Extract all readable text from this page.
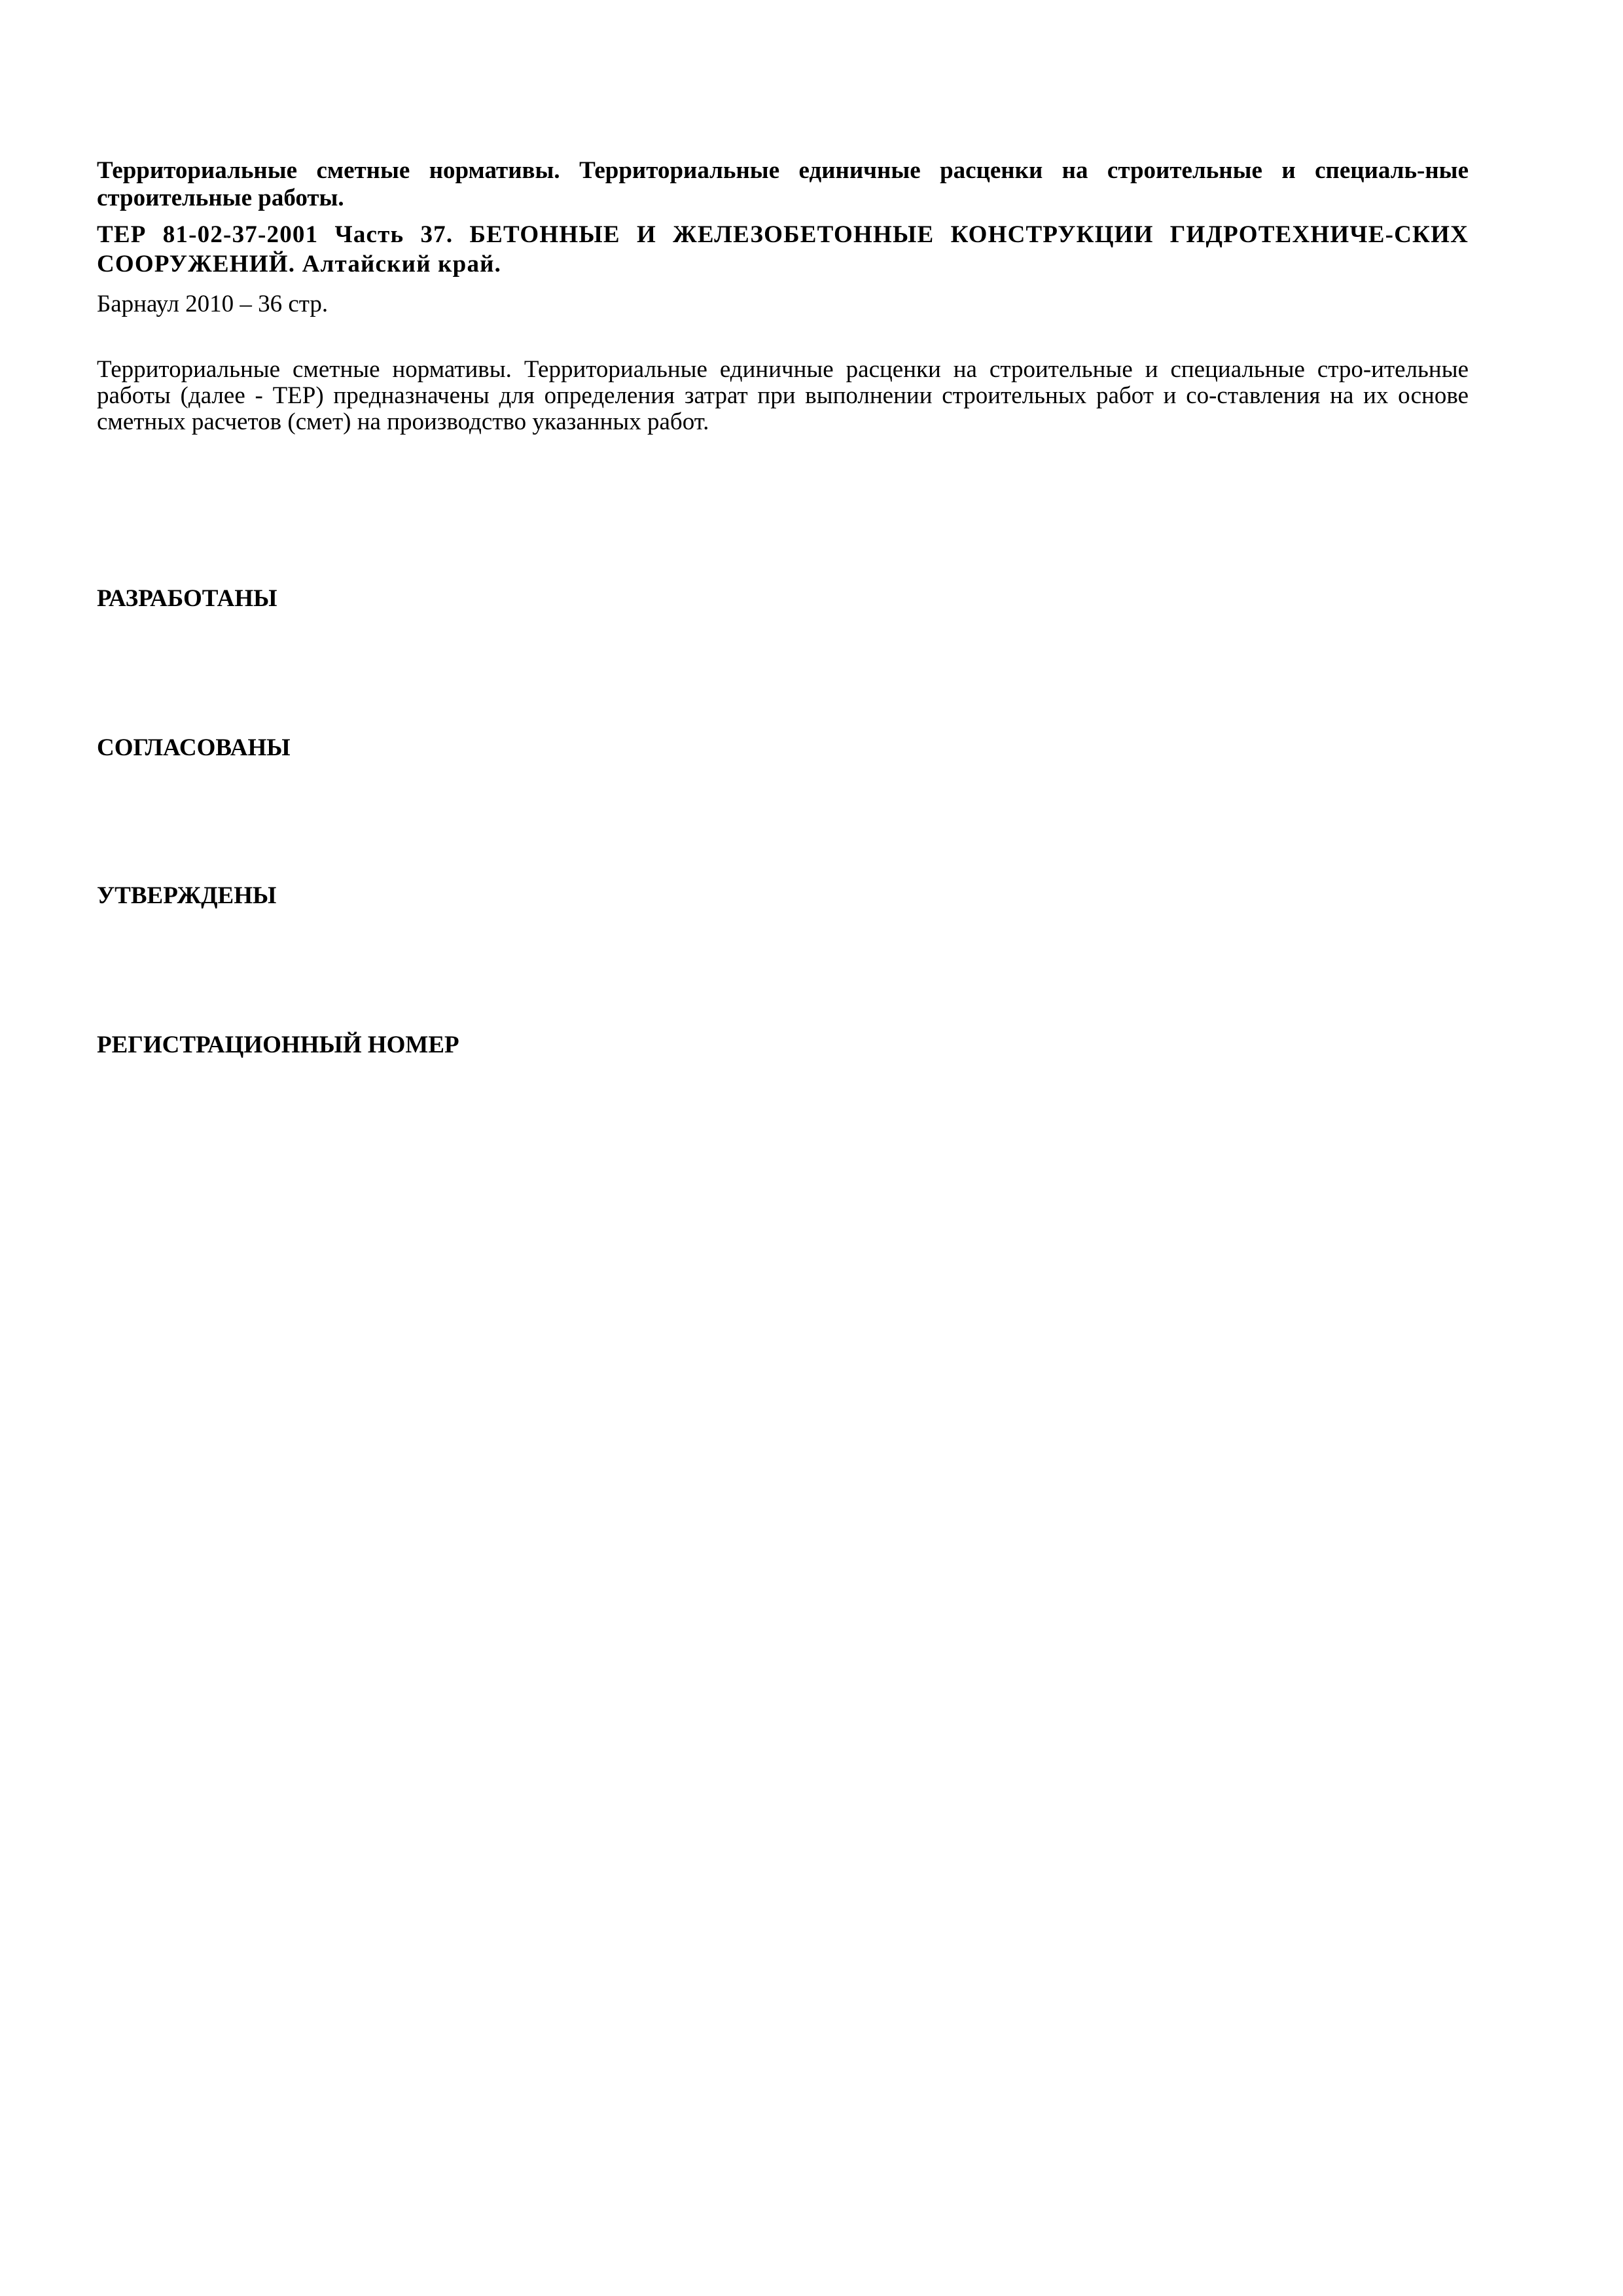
Территориальные сметные нормативы. Территориальные единичные расценки на строительные и специаль-ные строительные работы.

ТЕР 81-02-37-2001 Часть 37. БЕТОННЫЕ И ЖЕЛЕЗОБЕТОННЫЕ КОНСТРУКЦИИ ГИДРОТЕХНИЧЕ-СКИХ СООРУЖЕНИЙ. Алтайский край.

Барнаул 2010 – 36 стр.

Территориальные сметные нормативы. Территориальные единичные расценки на строительные и специальные стро-ительные работы (далее - ТЕР) предназначены для определения затрат при выполнении строительных работ и со-ставления на их основе сметных расчетов (смет) на производство указанных работ.

РАЗРАБОТАНЫ

СОГЛАСОВАНЫ

УТВЕРЖДЕНЫ

РЕГИСТРАЦИОННЫЙ НОМЕР
